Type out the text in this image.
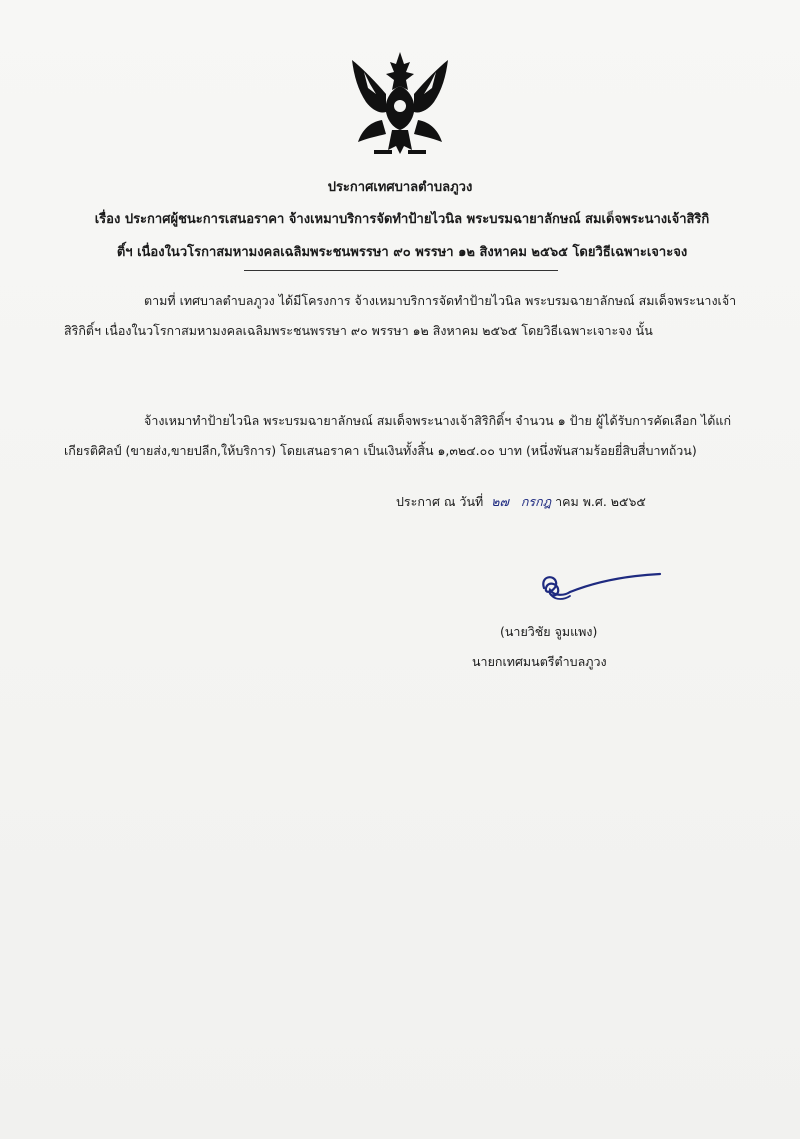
ประกาศเทศบาลตำบลภูวง
เรื่อง ประกาศผู้ชนะการเสนอราคา จ้างเหมาบริการจัดทำป้ายไวนิล พระบรมฉายาลักษณ์ สมเด็จพระนางเจ้าสิริกิ
ติ์ฯ เนื่องในวโรกาสมหามงคลเฉลิมพระชนพรรษา ๙๐ พรรษา ๑๒ สิงหาคม ๒๕๖๕ โดยวิธีเฉพาะเจาะจง
ตามที่ เทศบาลตำบลภูวง ได้มีโครงการ จ้างเหมาบริการจัดทำป้ายไวนิล พระบรมฉายาลักษณ์ สมเด็จพระนางเจ้าสิริกิติ์ฯ เนื่องในวโรกาสมหามงคลเฉลิมพระชนพรรษา ๙๐ พรรษา ๑๒ สิงหาคม ๒๕๖๕ โดยวิธีเฉพาะเจาะจง นั้น
จ้างเหมาทำป้ายไวนิล พระบรมฉายาลักษณ์ สมเด็จพระนางเจ้าสิริกิติ์ฯ จำนวน ๑ ป้าย ผู้ได้รับการคัดเลือก ได้แก่ เกียรติศิลป์ (ขายส่ง,ขายปลีก,ให้บริการ) โดยเสนอราคา เป็นเงินทั้งสิ้น ๑,๓๒๔.๐๐ บาท (หนึ่งพันสามร้อยยี่สิบสี่บาทถ้วน)
ประกาศ ณ วันที่ ๒๗ กรกฎ าคม พ.ศ. ๒๕๖๕
(นายวิชัย จูมแพง)
นายกเทศมนตรีตำบลภูวง
